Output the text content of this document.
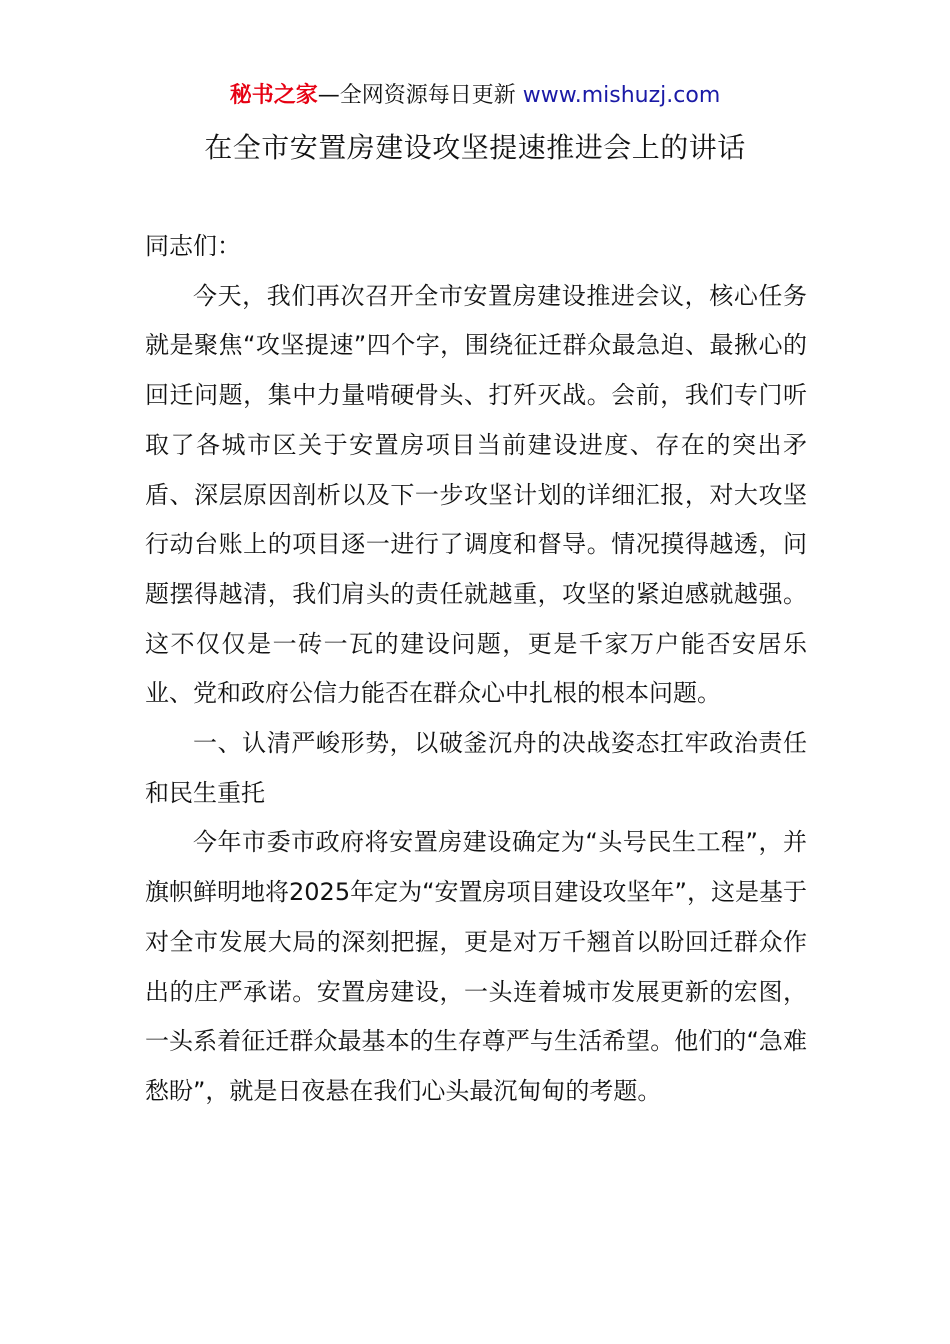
秘书之家—全网资源每日更新 www.mishuzj.com
在全市安置房建设攻坚提速推进会上的讲话

同志们：

今天，我们再次召开全市安置房建设推进会议，核心任务就是聚焦“攻坚提速”四个字，围绕征迁群众最急迫、最揪心的回迁问题，集中力量啃硬骨头、打歼灭战。会前，我们专门听取了各城市区关于安置房项目当前建设进度、存在的突出矛盾、深层原因剖析以及下一步攻坚计划的详细汇报，对大攻坚行动台账上的项目逐一进行了调度和督导。情况摸得越透，问题摆得越清，我们肩头的责任就越重，攻坚的紧迫感就越强。这不仅仅是一砖一瓦的建设问题，更是千家万户能否安居乐业、党和政府公信力能否在群众心中扎根的根本问题。

一、认清严峻形势，以破釜沉舟的决战姿态扛牢政治责任和民生重托

今年市委市政府将安置房建设确定为“头号民生工程”，并旗帜鲜明地将2025年定为“安置房项目建设攻坚年”，这是基于对全市发展大局的深刻把握，更是对万千翘首以盼回迁群众作出的庄严承诺。安置房建设，一头连着城市发展更新的宏图，一头系着征迁群众最基本的生存尊严与生活希望。他们的“急难愁盼”，就是日夜悬在我们心头最沉甸甸的考题。
